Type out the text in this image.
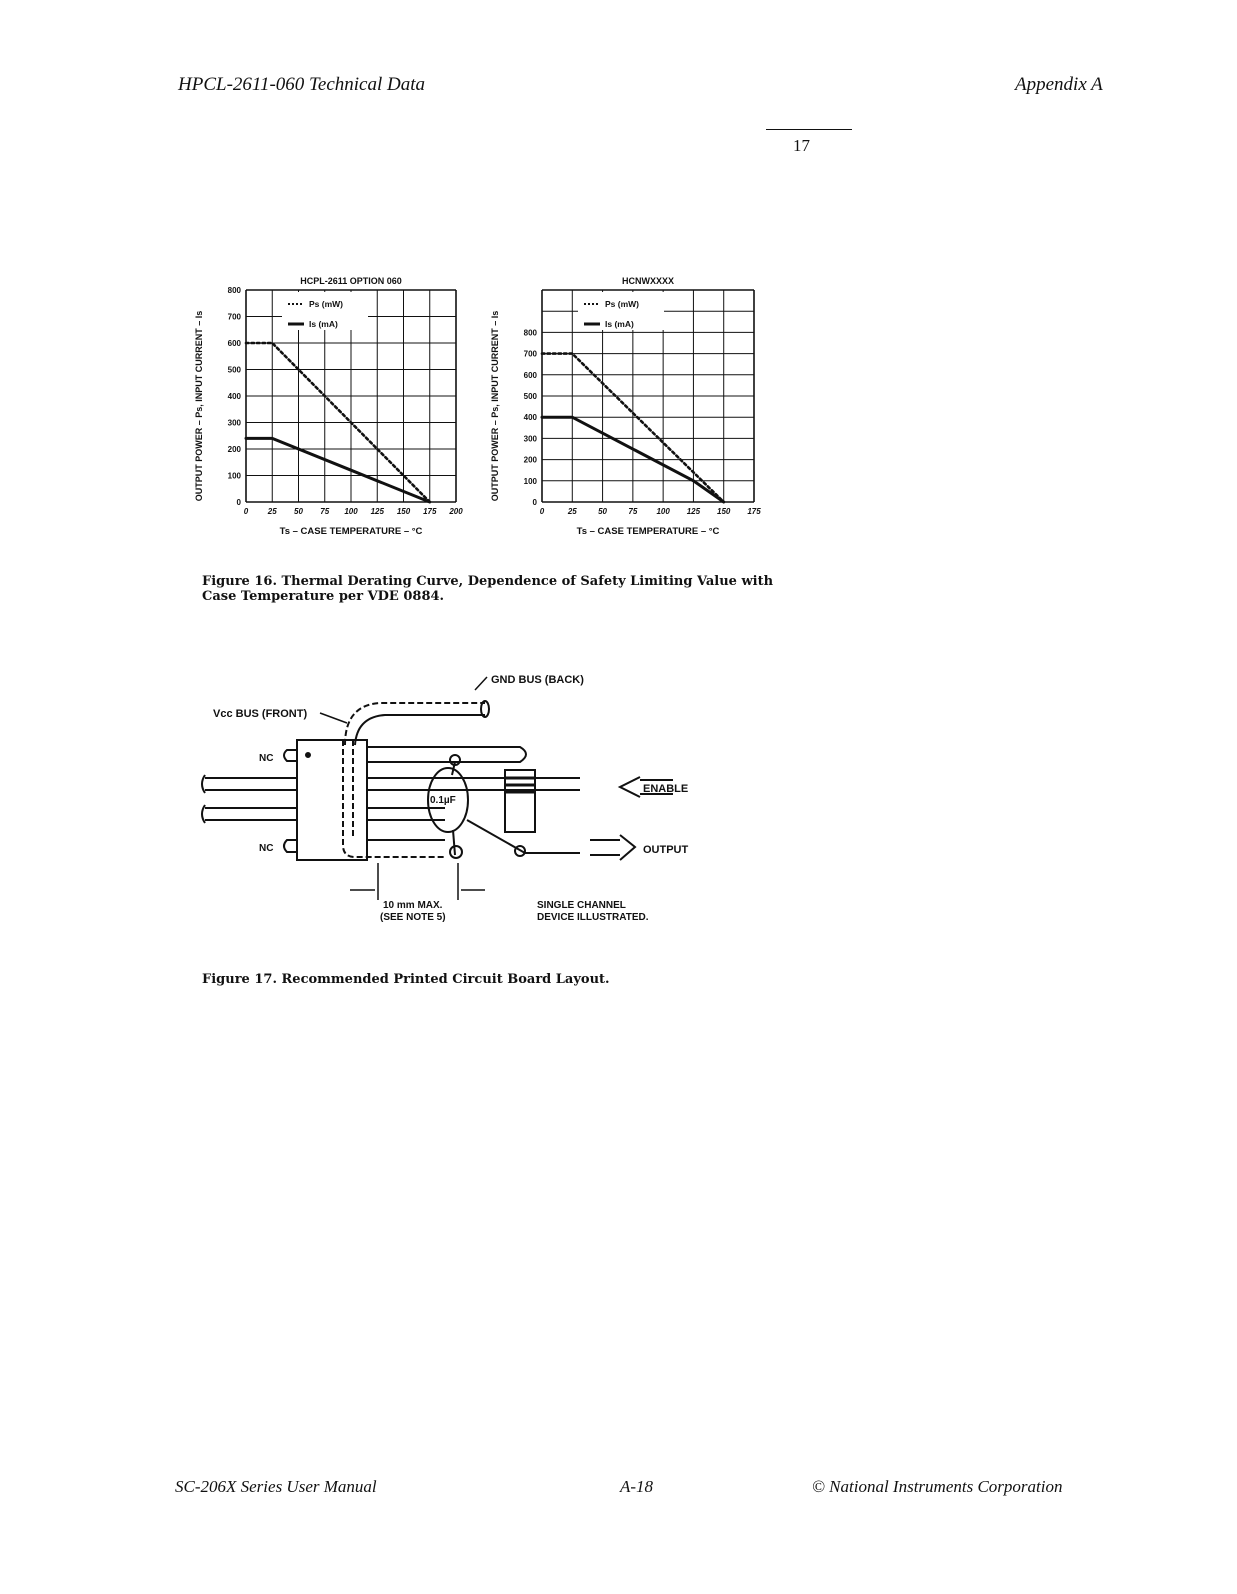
HPCL-2611-060 Technical Data	Appendix A
17
0 25 50 75 100 125 150 175 200
0
100
200
300
400
500
600
700
800
HCPL-2611 OPTION 060
Ts – CASE TEMPERATURE – °C
OUTPUT POWER – Ps, INPUT CURRENT – Is
Ps (mW)
Is (mA)
0	25	50	75 100 125 150 175
0
100
200
300
400
500
600
700
800
HCNWXXXX
Ts – CASE TEMPERATURE – °C
OUTPUT POWER – Ps, INPUT CURRENT – Is
Ps (mW)
Is (mA)
Figure 16. Thermal Derating Curve, Dependence of Safety Limiting Value with
Case Temperature per VDE 0884.
GND BUS (BACK)
Vcc BUS (FRONT)
NC
NC
0.1µF
ENABLE
OUTPUT
10 mm MAX.
(SEE NOTE 5)
SINGLE CHANNEL
DEVICE ILLUSTRATED.
Figure 17. Recommended Printed Circuit Board Layout.
SC-206X Series User Manual	A-18	© National Instruments Corporation
